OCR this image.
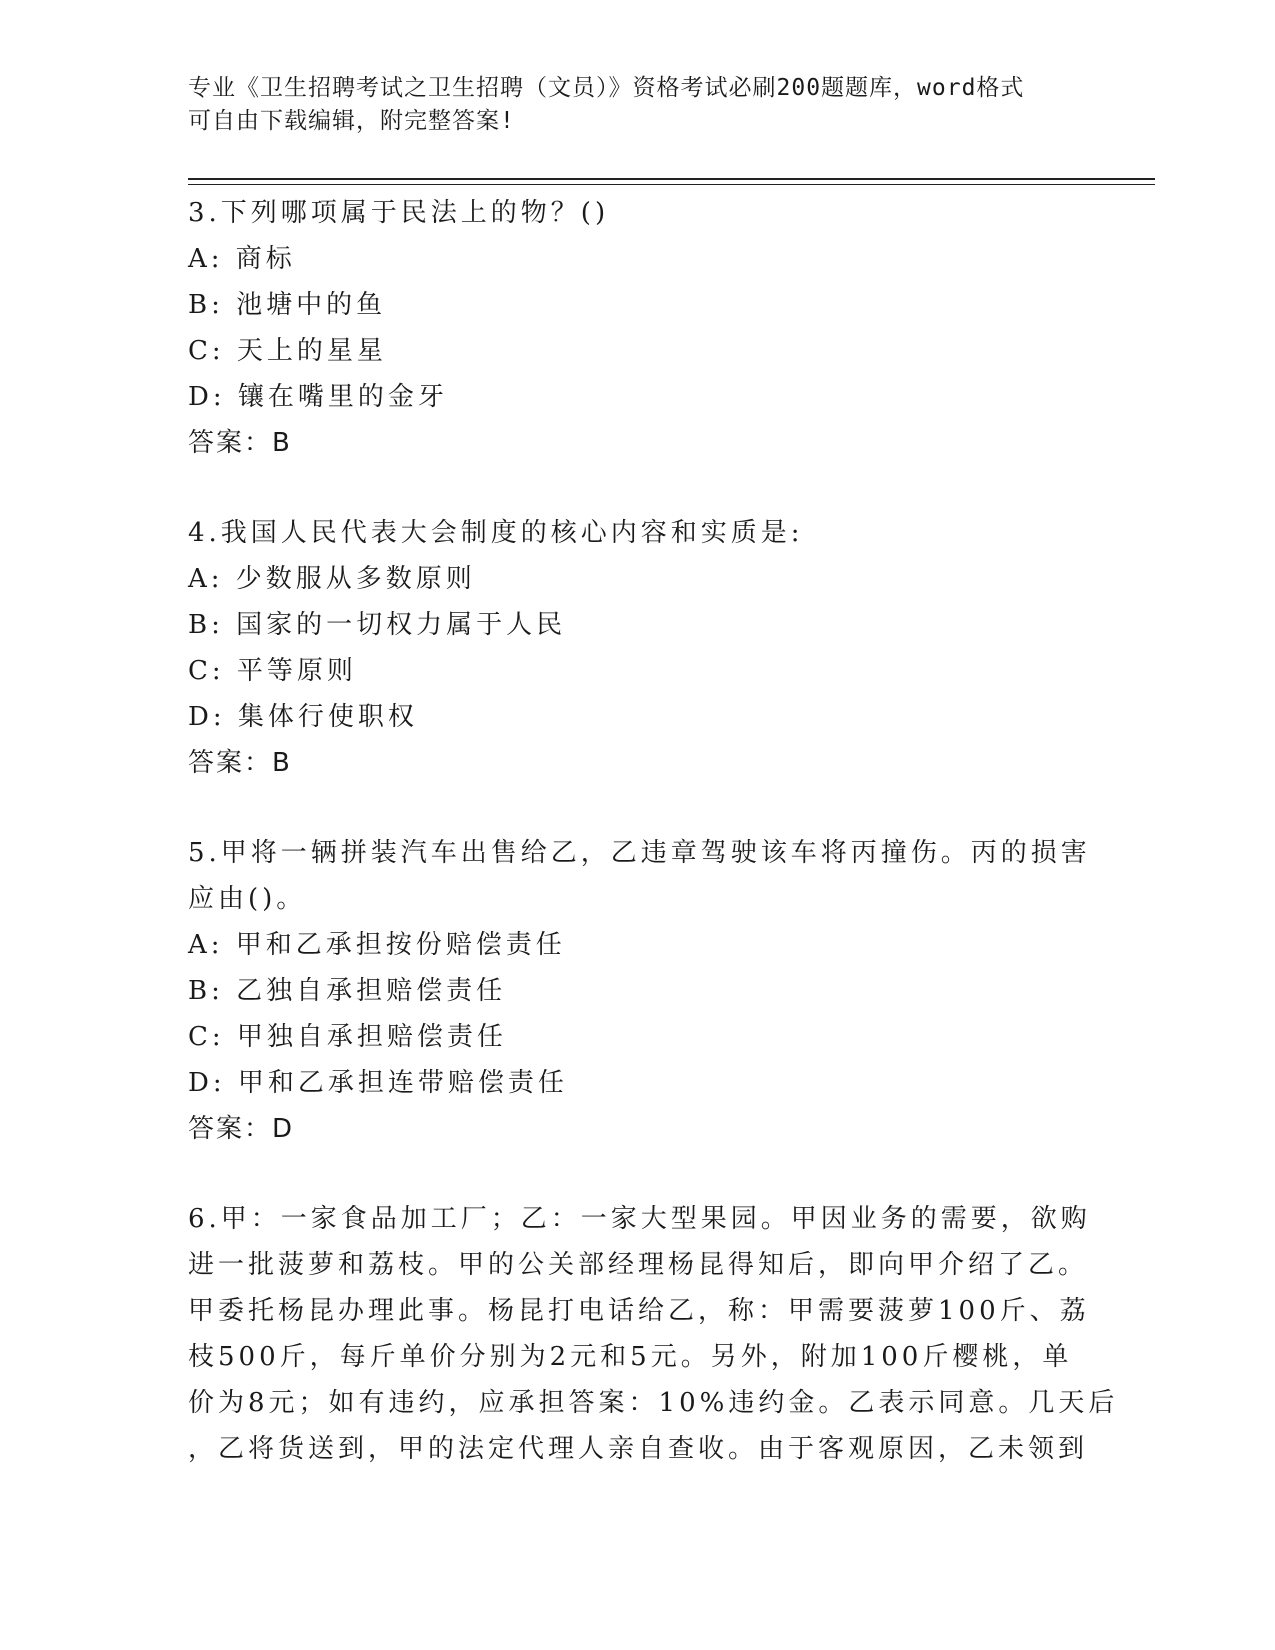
专业《卫生招聘考试之卫生招聘（文员）》资格考试必刷200题题库，word格式
可自由下载编辑，附完整答案!
3.下列哪项属于民法上的物？()
A: 商标
B: 池塘中的鱼
C: 天上的星星
D: 镶在嘴里的金牙
答案：B
4.我国人民代表大会制度的核心内容和实质是:
A: 少数服从多数原则
B: 国家的一切权力属于人民
C: 平等原则
D: 集体行使职权
答案：B
5.甲将一辆拼装汽车出售给乙，乙违章驾驶该车将丙撞伤。丙的损害
应由()。
A: 甲和乙承担按份赔偿责任
B: 乙独自承担赔偿责任
C: 甲独自承担赔偿责任
D: 甲和乙承担连带赔偿责任
答案：D
6.甲：一家食品加工厂；乙：一家大型果园。甲因业务的需要，欲购
进一批菠萝和荔枝。甲的公关部经理杨昆得知后，即向甲介绍了乙。
甲委托杨昆办理此事。杨昆打电话给乙，称：甲需要菠萝100斤、荔
枝500斤，每斤单价分别为2元和5元。另外，附加100斤樱桃，单
价为8元；如有违约，应承担答案：10%违约金。乙表示同意。几天后
，乙将货送到，甲的法定代理人亲自查收。由于客观原因，乙未领到
